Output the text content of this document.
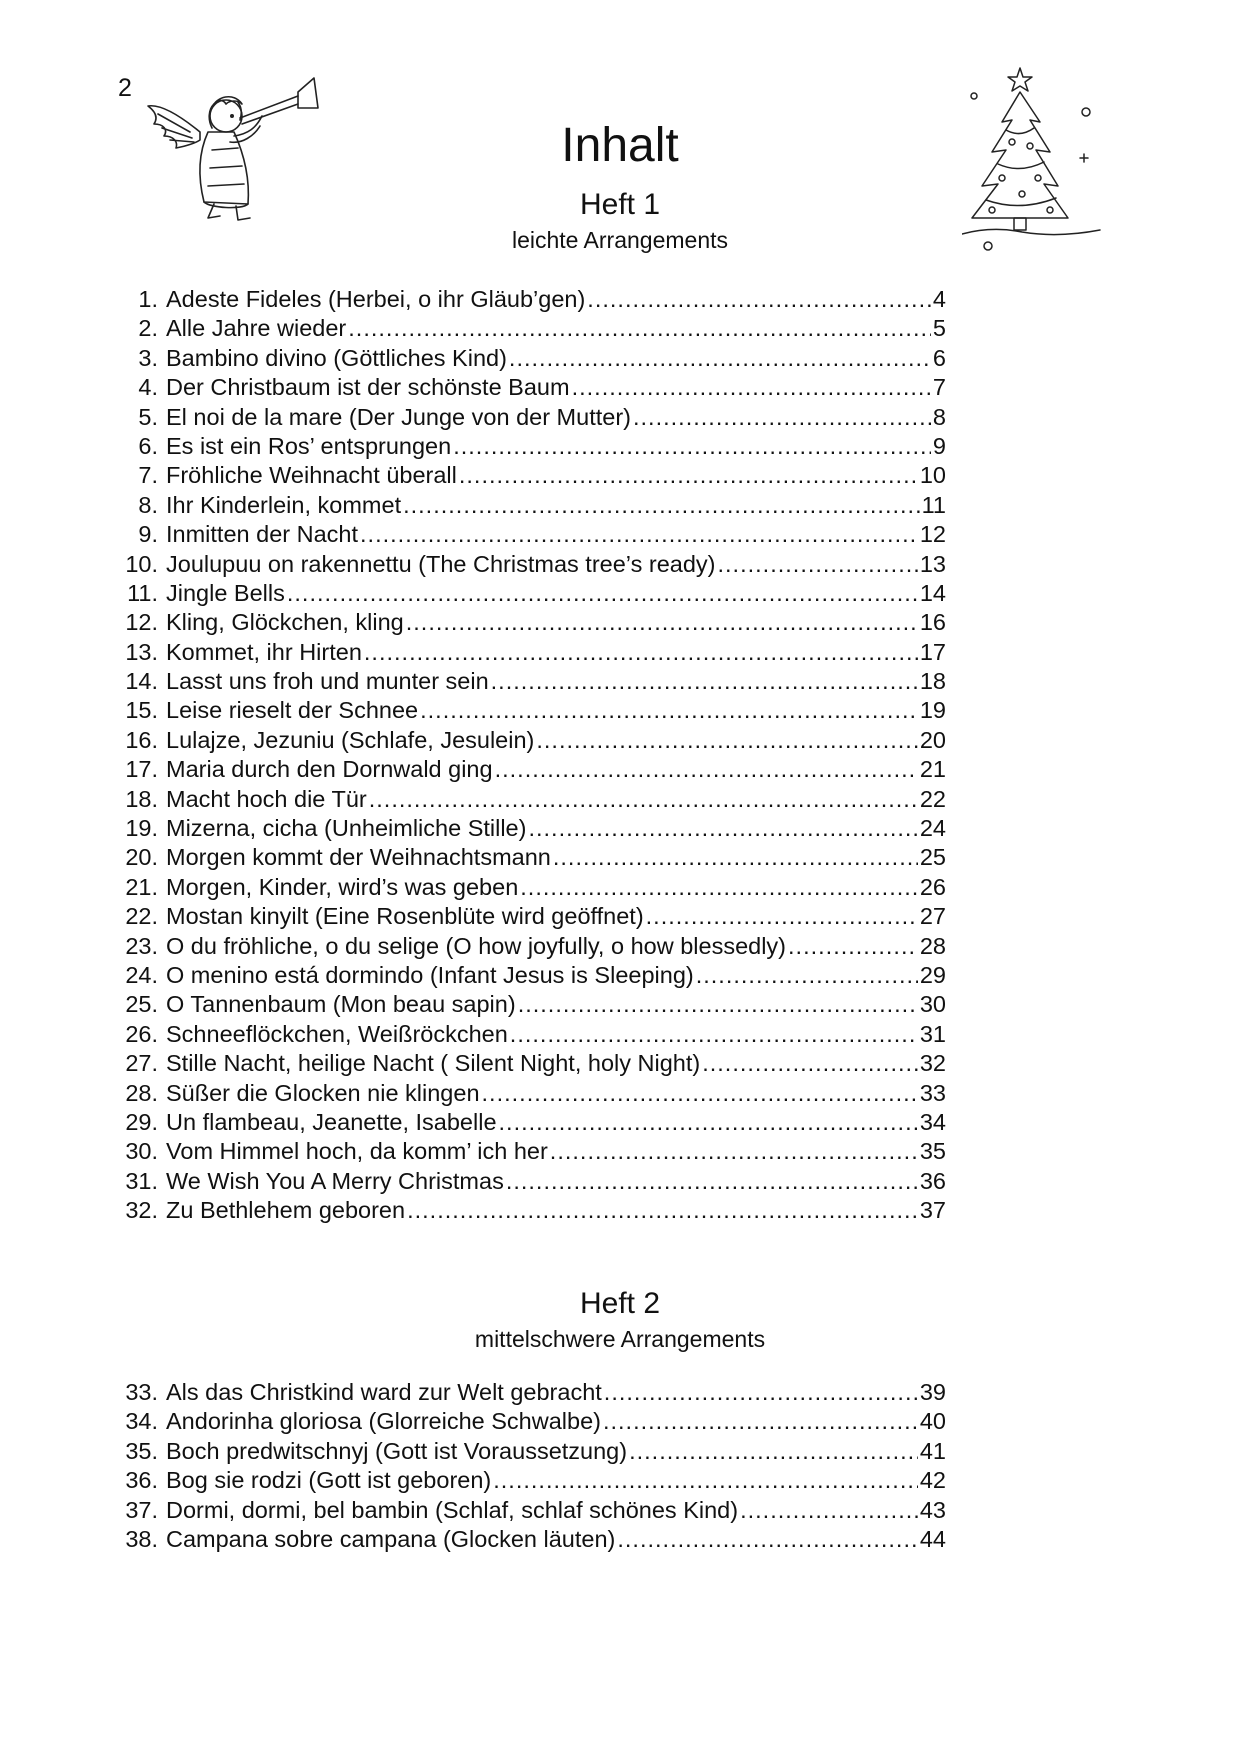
2
Inhalt

Heft 1

leichte Arrangements

1. Adeste Fideles (Herbei, o ihr Gläub’gen) .....	4
2. Alle Jahre wieder .....	5
3. Bambino divino (Göttliches Kind) .....	6
4. Der Christbaum ist der schönste Baum .....	7
5. El noi de la mare (Der Junge von der Mutter) .....	8
6. Es ist ein Ros’ entsprungen .....	9
7. Fröhliche Weihnacht überall .....	10
8. Ihr Kinderlein, kommet .....	11
9. Inmitten der Nacht .....	12
10. Joulupuu on rakennettu (The Christmas tree’s ready) .....	13
11. Jingle Bells .....	14
12. Kling, Glöckchen, kling .....	16
13. Kommet, ihr Hirten .....	17
14. Lasst uns froh und munter sein .....	18
15. Leise rieselt der Schnee .....	19
16. Lulajze, Jezuniu (Schlafe, Jesulein) .....	20
17. Maria durch den Dornwald ging .....	21
18. Macht hoch die Tür .....	22
19. Mizerna, cicha (Unheimliche Stille) .....	24
20. Morgen kommt der Weihnachtsmann .....	25
21. Morgen, Kinder, wird’s was geben .....	26
22. Mostan kinyilt (Eine Rosenblüte wird geöffnet) .....	27
23. O du fröhliche, o du selige (O how joyfully, o how blessedly) .....	28
24. O menino está dormindo (Infant Jesus is Sleeping) .....	29
25. O Tannenbaum (Mon beau sapin) .....	30
26. Schneeflöckchen, Weißröckchen .....	31
27. Stille Nacht, heilige Nacht ( Silent Night, holy Night) .....	32
28. Süßer die Glocken nie klingen .....	33
29. Un flambeau, Jeanette, Isabelle .....	34
30. Vom Himmel hoch, da komm’ ich her .....	35
31. We Wish You A Merry Christmas .....	36
32. Zu Bethlehem geboren .....	37

Heft 2

mittelschwere Arrangements

33. Als das Christkind ward zur Welt gebracht .....	39
34. Andorinha gloriosa (Glorreiche Schwalbe) .....	40
35. Boch predwitschnyj (Gott ist Voraussetzung) .....	41
36. Bog sie rodzi (Gott ist geboren) .....	42
37. Dormi, dormi, bel bambin (Schlaf, schlaf schönes Kind) .....	43
38. Campana sobre campana (Glocken läuten) .....	44
